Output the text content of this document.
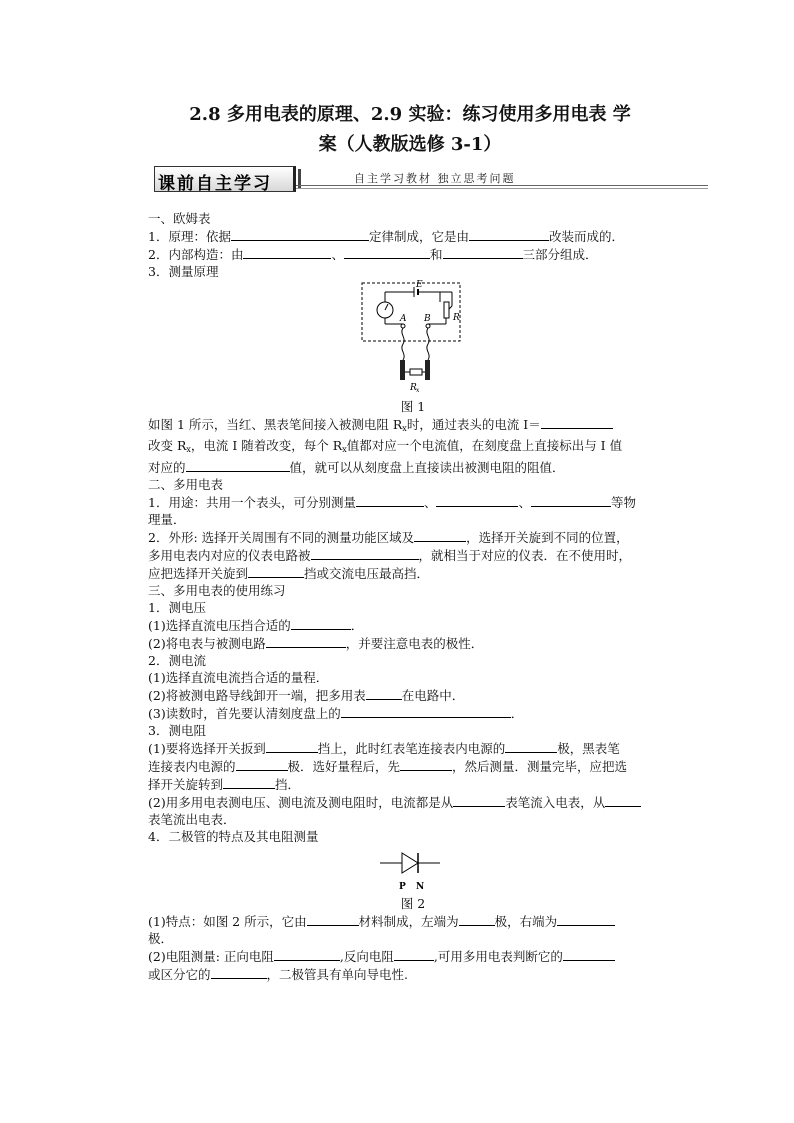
2.8 多用电表的原理、2.9 实验：练习使用多用电表 学
案（人教版选修 3-1）
课前自主学习	自主学习教材 独立思考问题

一、欧姆表

1．原理：依据	定律制成，它是由	改装而成的．

2．内部构造：由	、	和	三部分组成．

3．测量原理

E
R
A B
R x

图 1

如图 1 所示，当红、黑表笔间接入被测电阻 $R_x$时，通过表头的电流 I＝

改变 $R_x$，电流 I 随着改变，每个 $R_x$值都对应一个电流值，在刻度盘上直接标出与 I 值

对应的	值，就可以从刻度盘上直接读出被测电阻的阻值．

二、多用电表

1．用途：共用一个表头，可分别测量	、	、	等物

理量．

2．外形: 选择开关周围有不同的测量功能区域及	，选择开关旋到不同的位置，

多用电表内对应的仪表电路被	，就相当于对应的仪表．在不使用时，

应把选择开关旋到	挡或交流电压最高挡．

三、多用电表的使用练习

1．测电压

(1)选择直流电压挡合适的	．

(2)将电表与被测电路	，并要注意电表的极性．

2．测电流

(1)选择直流电流挡合适的量程．

(2)将被测电路导线卸开一端，把多用表	在电路中．

(3)读数时，首先要认清刻度盘上的	．

3．测电阻

(1)要将选择开关扳到	挡上，此时红表笔连接表内电源的	极，黑表笔

连接表内电源的	极．选好量程后，先	，然后测量．测量完毕，应把选

择开关旋转到	挡．

(2)用多用电表测电压、测电流及测电阻时，电流都是从	表笔流入电表，从

表笔流出电表．

4．二极管的特点及其电阻测量

P N

图 2

(1)特点：如图 2 所示，它由	材料制成，左端为	极，右端为

极．

(2)电阻测量: 正向电阻	,反向电阻	,可用多用电表判断它的

或区分它的	，二极管具有单向导电性.
